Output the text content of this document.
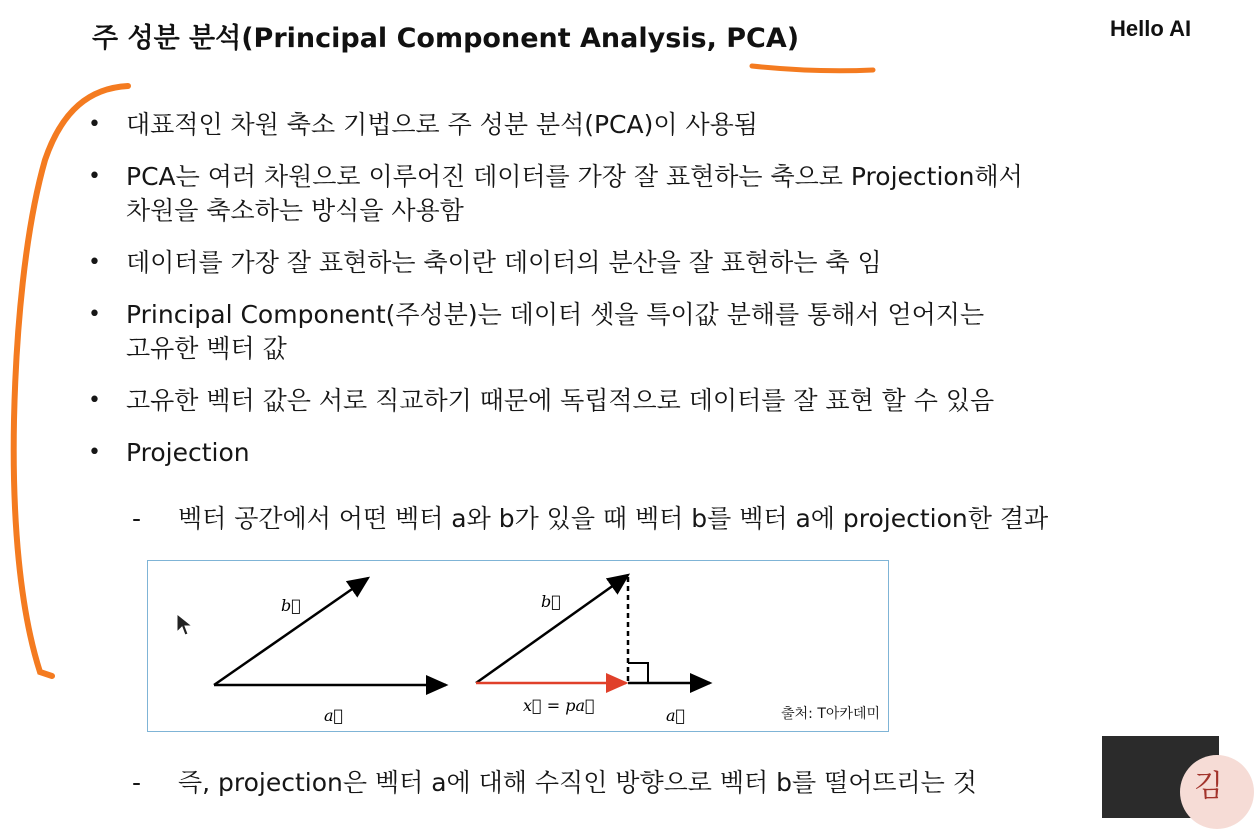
주 성분 분석(Principal Component Analysis, PCA)	Hello AI
• 대표적인 차원 축소 기법으로 주 성분 분석(PCA)이 사용됨
• PCA는 여러 차원으로 이루어진 데이터를 가장 잘 표현하는 축으로 Projection해서
차원을 축소하는 방식을 사용함
• 데이터를 가장 잘 표현하는 축이란 데이터의 분산을 잘 표현하는 축 임
• Principal Component(주성분)는 데이터 셋을 특이값 분해를 통해서 얻어지는
고유한 벡터 값
• 고유한 벡터 값은 서로 직교하기 때문에 독립적으로 데이터를 잘 표현 할 수 있음
• Projection
- 벡터 공간에서 어떤 벡터 a와 b가 있을 때 벡터 b를 벡터 a에 projection한 결과
b⃗
a⃗
b⃗
x⃗ = pa⃗
a⃗	출처: T아카데미
- 즉, projection은 벡터 a에 대해 수직인 방향으로 벡터 b를 떨어뜨리는 것	김
